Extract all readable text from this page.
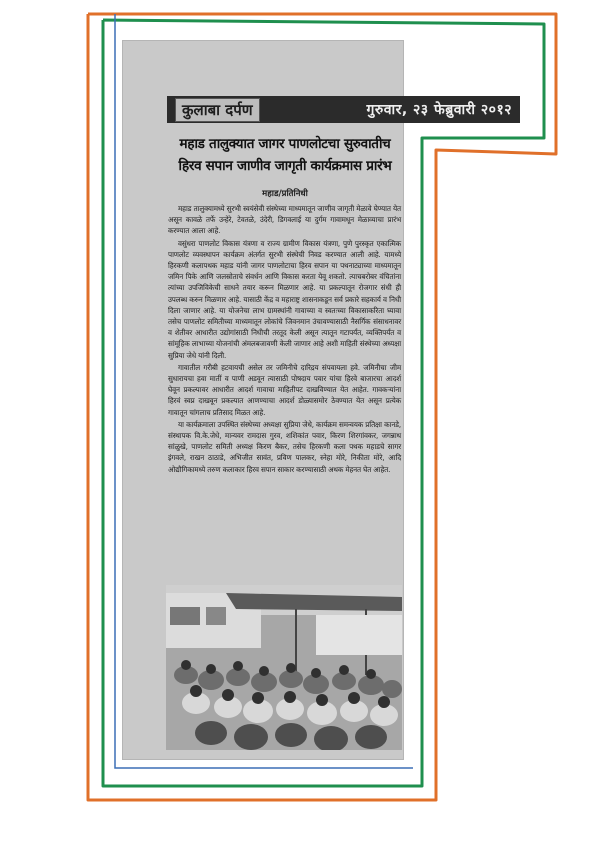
कुलाबा दर्पण	गुरुवार, २३ फेब्रुवारी २०१२
महाड तालुक्यात जागर पाणलोटचा सुरुवातीच
हिरव सपान जाणीव जागृती कार्यक्रमास प्रारंभ
महाड/प्रतिनिधी

महाड तालुक्यामध्ये सुरभी स्वयंसेवी संस्थेच्या माध्यमातून जाणीव जागृती मेळावे घेण्यात येत असून कावळे तर्फे उन्हेरे, टेवतळे, उंदेरी, डिगवलाई या दुर्गम गावामधून मेळाव्याचा प्रारंभ करण्यात आला आहे.

वसुंधरा पाणलोट विकास यंत्रणा व राज्य ग्रामीण विकास यंत्रणा, पुणे पुरस्कृत एकात्मिक पाणलोट व्यवस्थापन कार्यक्रम अंतर्गत सुरभी संस्थेची निवड करण्यात आली आहे. यामध्ये हिरकणी कलापथक महाड यांनी जागर पाणलोटाचा हिरव सपान या पथनाट्याच्या माध्यमातून जमिन पिके आणि जलस्रोताचे संवर्धन आणि विकास करता येवू शकतो. त्याचबरोबर वंचितांना त्यांच्या उपजिविकेची साधने तयार करून मिळणार आहे. या प्रकल्पातून रोजगार संधी ही उपलब्ध करुन मिळणार आहे. यासाठी केंद्र व महाराष्ट्र शासनाकडून सर्व प्रकारे सहकार्य व निधी दिला जाणार आहे. या योजनेचा लाभ ग्रामस्थांनी गावाच्या व स्वतःच्या विकासाकरिता घ्यावा तसेच पाणलोट समितीच्या माध्यमातून लोकांचे जिवनमान उंचावण्यासाठी नैसर्गिक संसाधनावर व शेतीवर आधारीत उद्योगांसाठी निधीची तरतूद केली असून त्यातून गटापर्यंत, व्यक्तिपर्यंत व सांमूहिक लाभाच्या योजनांची अंमलबजावणी केली जाणार आहे अशी माहिती संस्थेच्या अध्यक्षा सुप्रिया जेधे यांनी दिली.

गावातील गरीबी हटवायची असेल तर जमिनीचे दारिद्रय संपवायला हवे. जमिनीचा जीम सुधारायचा हवा मातीं व पाणी अडवून त्यासाठी पोषदाय पवार यांचा हिरवे बाजारचा आदर्श घेवून प्रकल्पावर आधारीत आदर्श गावाचा माहितीपट दाखविण्यात येत आहेत. गावकऱ्यांना हिरवं स्वप्न दाखवून प्रकल्पात आणण्याचा आदर्श डोळ्यासमोर ठेवण्यात येत असून प्रत्येक गावातून चांगलाच प्रतिसाद मिळत आहे.

या कार्यक्रमाला उपस्थित संस्थेच्या अध्यक्षा सुप्रिया जेधे, कार्यक्रम समन्वयक प्रतिक्षा कानडे, संस्थापक वि.के.जेधे, मान्यवर रामदास गुरव, शशिकांत पवार, किरण शिरगांवकर, जगन्नाथ सांळुखे, पाणलोट समिती अध्यक्ष किरण बैकर, तसेच हिरकणी कला पथक महाडचे सागर इंगवले, राखन ठाठाडे, अभिजीत सावंत, प्रविण पालकर, स्नेहा मोरे, निकीता मोरे, आदि ओद्यौगिकामध्ये तरुण कलाकार हिरव सपान साकार करण्यासाठी अथक मेहनत घेत आहेत.
